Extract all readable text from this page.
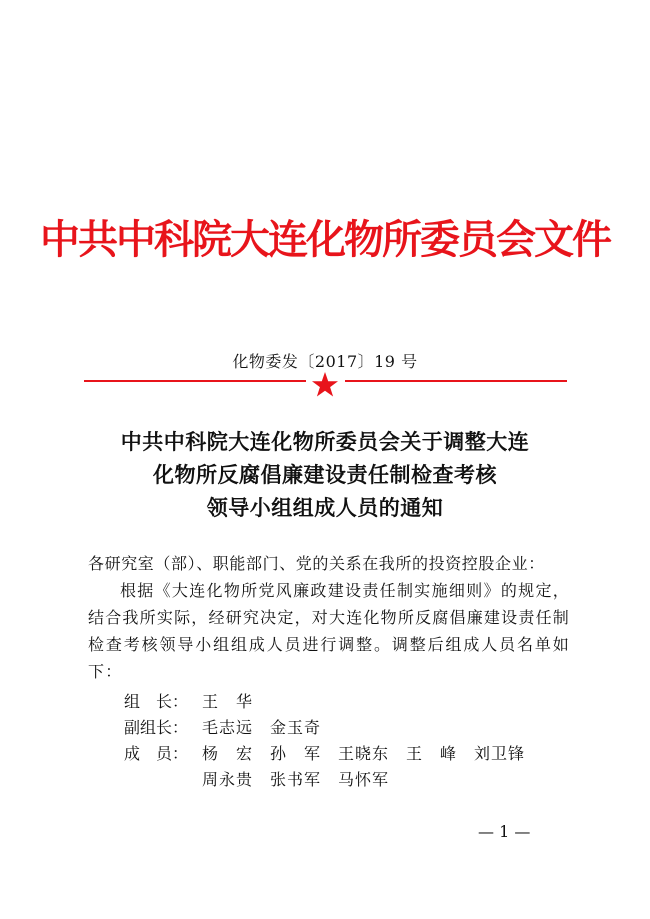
中共中科院大连化物所委员会文件
化物委发〔2017〕19 号
中共中科院大连化物所委员会关于调整大连
化物所反腐倡廉建设责任制检查考核
领导小组组成人员的通知
各研究室（部）、职能部门、党的关系在我所的投资控股企业：
根据《大连化物所党风廉政建设责任制实施细则》的规定，结合我所实际，经研究决定，对大连化物所反腐倡廉建设责任制检查考核领导小组组成人员进行调整。调整后组成人员名单如下：
组　长： 王　华
副组长： 毛志远　金玉奇
成　员： 杨　宏　孙　军　王晓东　王　峰　刘卫锋
周永贵　张书军　马怀军
— 1 —
